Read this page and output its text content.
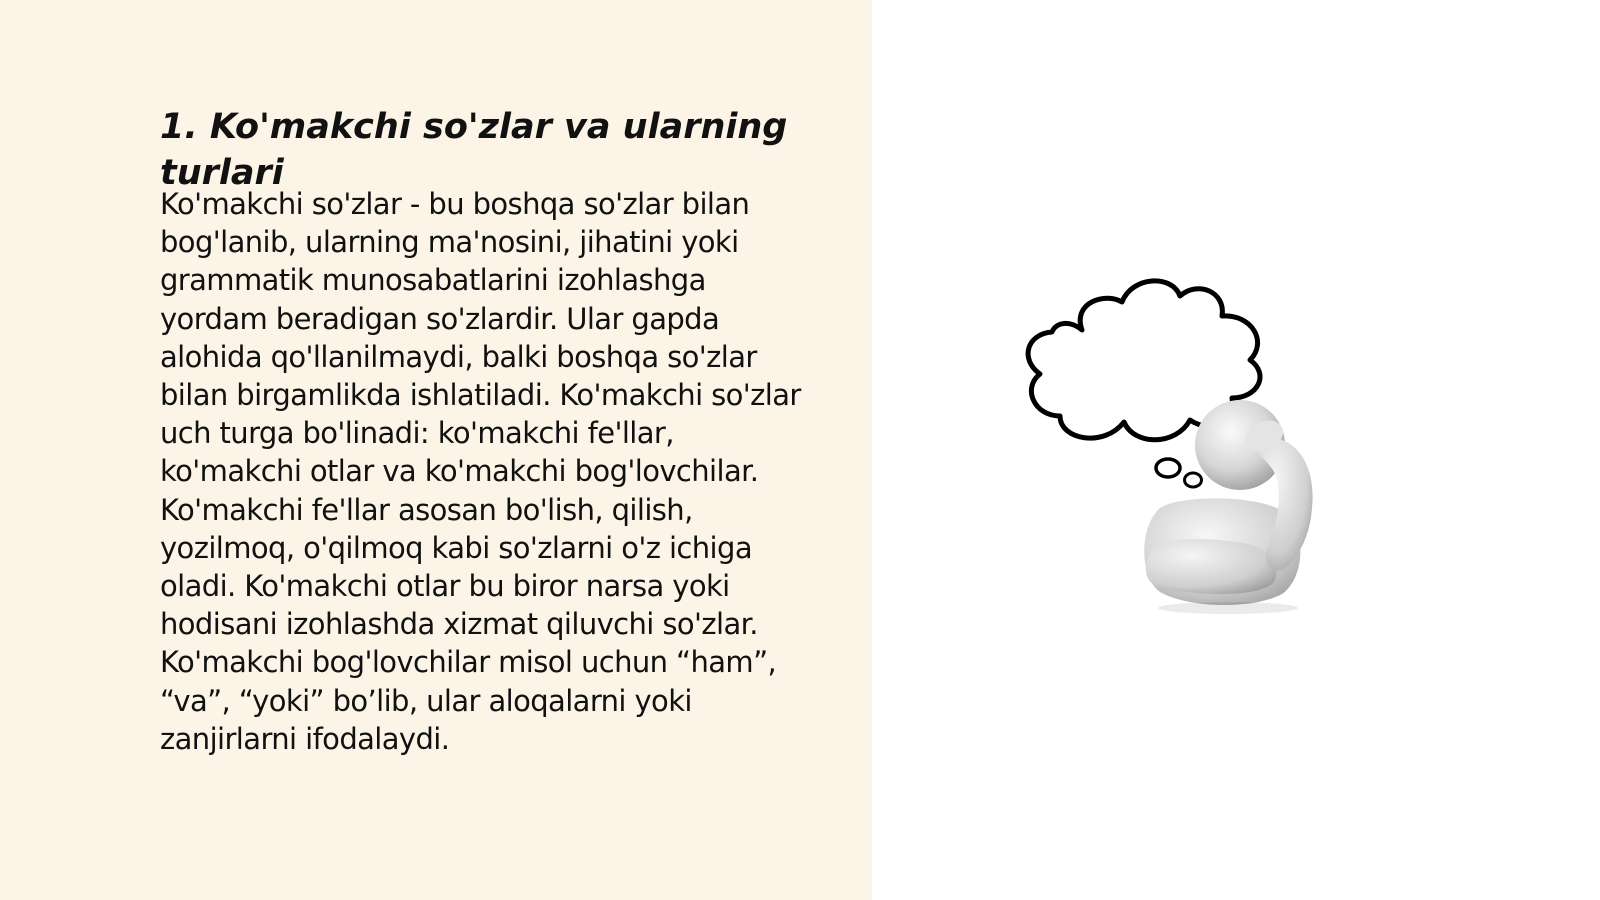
1. Ko'makchi so'zlar va ularning turlari

Ko'makchi so'zlar - bu boshqa so'zlar bilan bog'lanib, ularning ma'nosini, jihatini yoki grammatik munosabatlarini izohlashga yordam beradigan so'zlardir. Ular gapda alohida qo'llanilmaydi, balki boshqa so'zlar bilan birgamlikda ishlatiladi. Ko'makchi so'zlar uch turga bo'linadi: ko'makchi fe'llar, ko'makchi otlar va ko'makchi bog'lovchilar. Ko'makchi fe'llar asosan bo'lish, qilish, yozilmoq, o'qilmoq kabi so'zlarni o'z ichiga oladi. Ko'makchi otlar bu biror narsa yoki hodisani izohlashda xizmat qiluvchi so'zlar. Ko'makchi bog'lovchilar misol uchun “ham”, “va”, “yoki” bo’lib, ular aloqalarni yoki zanjirlarni ifodalaydi.
